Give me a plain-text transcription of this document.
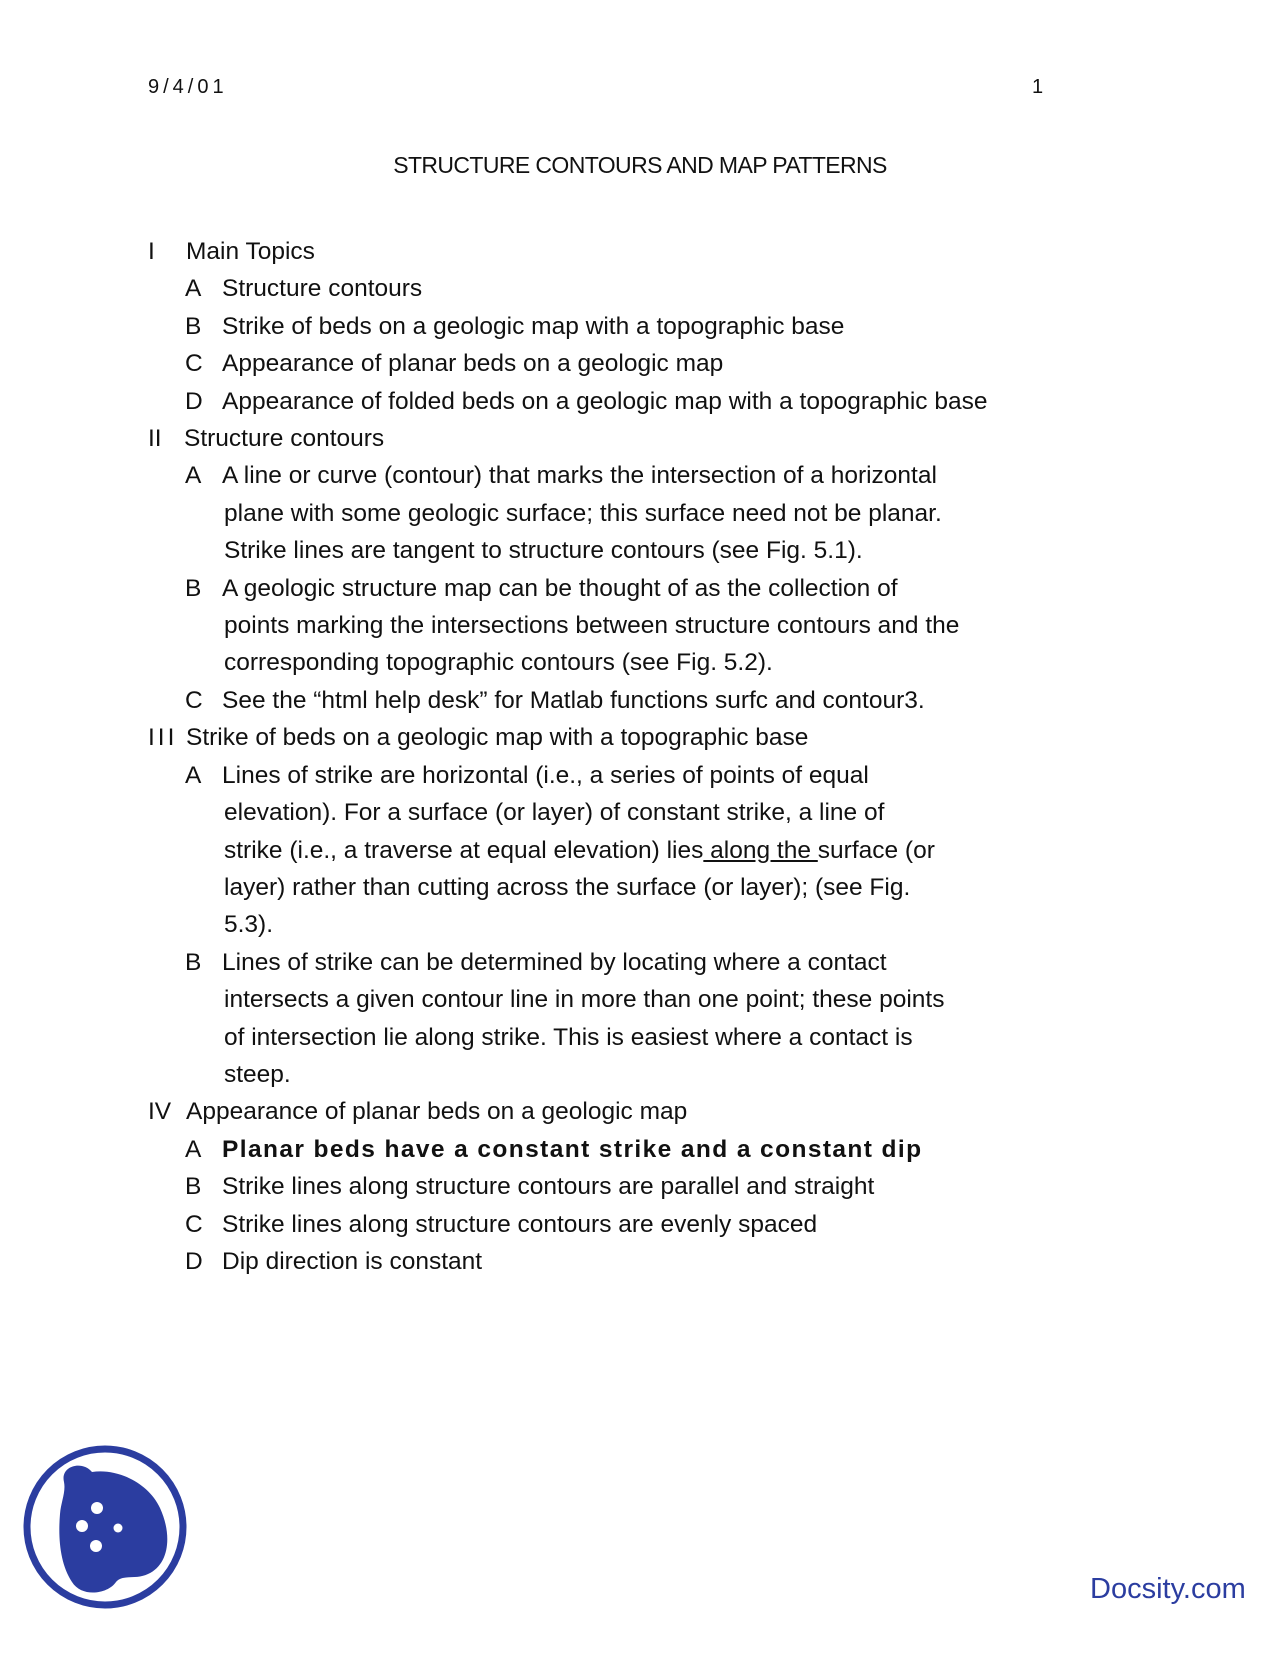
9/4/01	1
STRUCTURE CONTOURS AND MAP PATTERNS
I Main Topics
A Structure contours
B Strike of beds on a geologic map with a topographic base
C Appearance of planar beds on a geologic map
D Appearance of folded beds on a geologic map with a topographic base
II Structure contours
A A line or curve (contour) that marks the intersection of a horizontal
plane with some geologic surface; this surface need not be planar.
Strike lines are tangent to structure contours (see Fig. 5.1).
B A geologic structure map can be thought of as the collection of
points marking the intersections between structure contours and the
corresponding topographic contours (see Fig. 5.2).
C See the “html help desk” for Matlab functions surfc and contour3.
III Strike of beds on a geologic map with a topographic base
A Lines of strike are horizontal (i.e., a series of points of equal
elevation). For a surface (or layer) of constant strike, a line of
strike (i.e., a traverse at equal elevation) lies along the surface (or
layer) rather than cutting across the surface (or layer); (see Fig.
5.3).
B Lines of strike can be determined by locating where a contact
intersects a given contour line in more than one point; these points
of intersection lie along strike. This is easiest where a contact is
steep.
IV Appearance of planar beds on a geologic map
A Planar beds have a constant strike and a constant dip
B Strike lines along structure contours are parallel and straight
C Strike lines along structure contours are evenly spaced
D Dip direction is constant
Docsity.com
